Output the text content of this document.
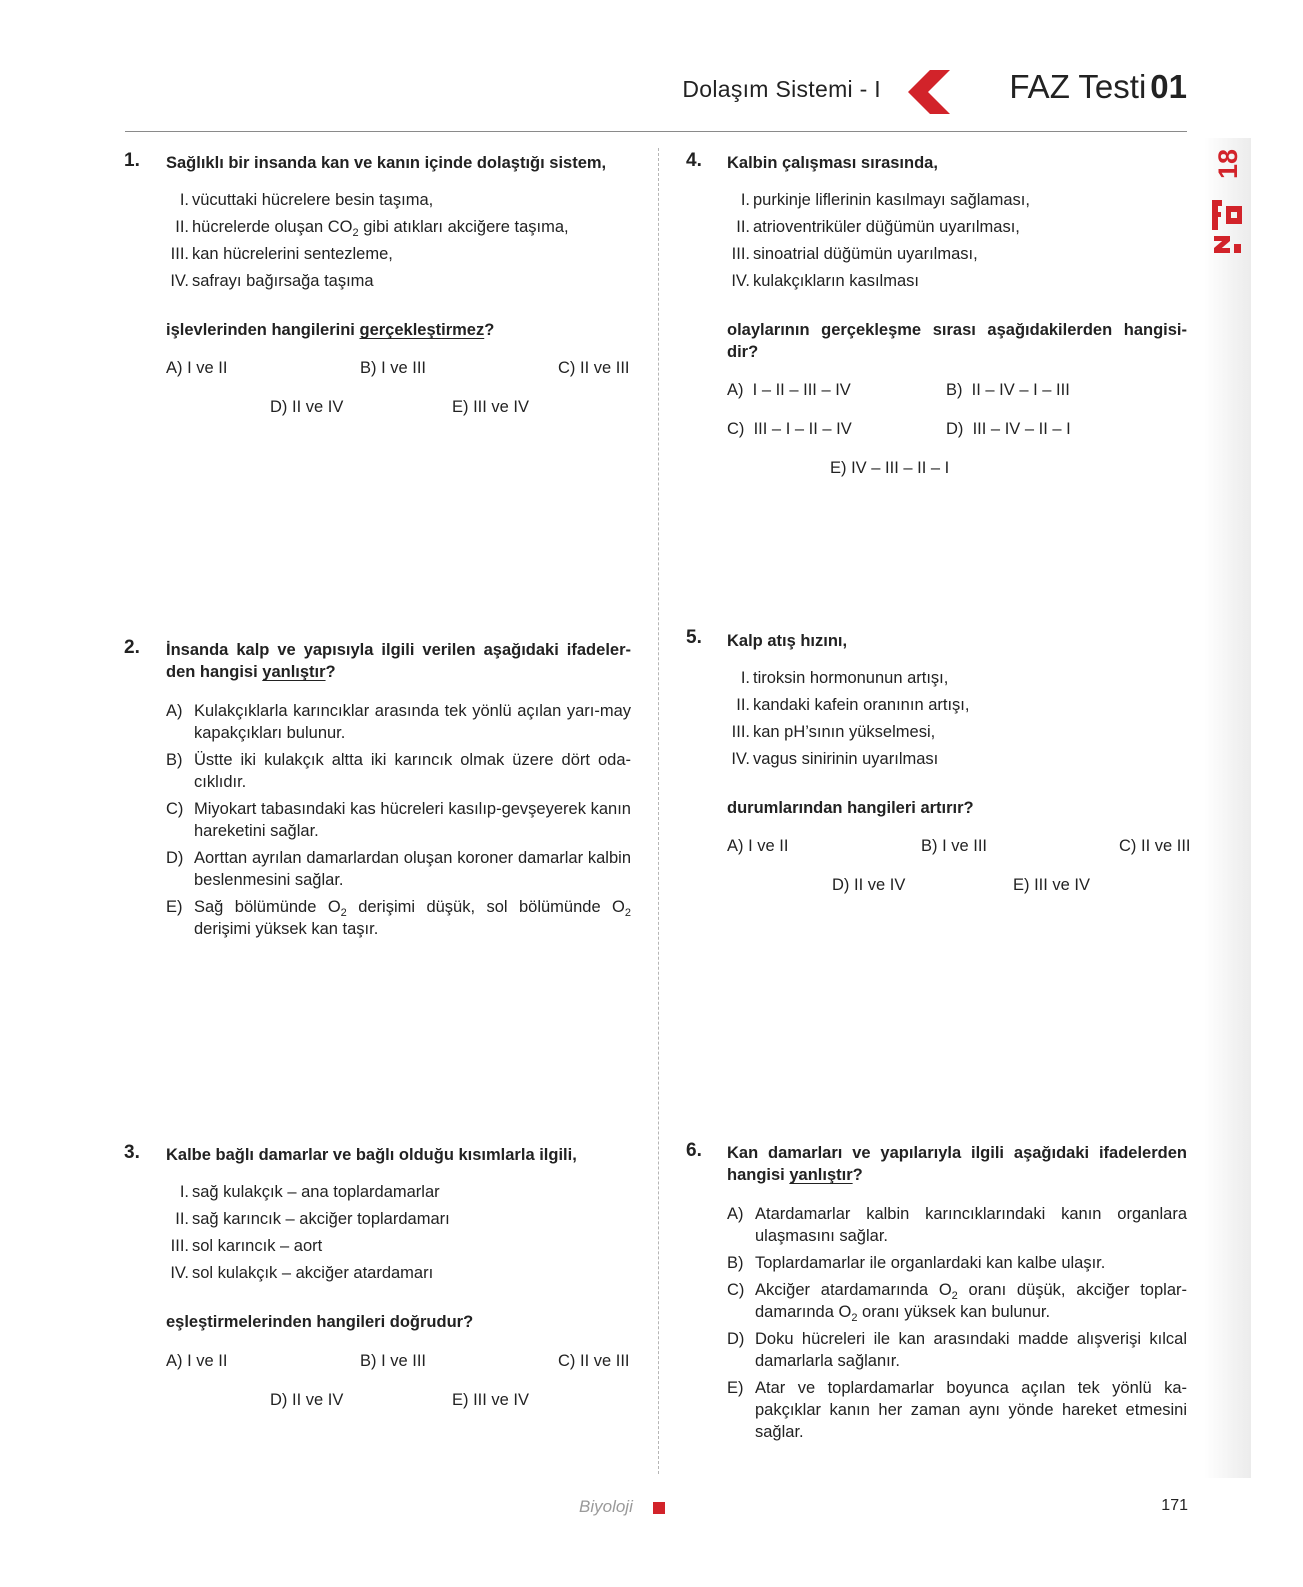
Dolaşım Sistemi - I	FAZ Testi 01
18
1. Sağlıklı bir insanda kan ve kanın içinde dolaştığı sistem,
I. vücuttaki hücrelere besin taşıma,
II. hücrelerde oluşan $CO_2$ gibi atıkları akciğere taşıma,
III. kan hücrelerini sentezleme,
IV. safrayı bağırsağa taşıma
işlevlerinden hangilerini gerçekleştirmez?
A) I ve II	B) I ve III	C) II ve III
D) II ve IV	E) III ve IV
2. İnsanda kalp ve yapısıyla ilgili verilen aşağıdaki ifadeler-den hangisi yanlıştır?
A) Kulakçıklarla karıncıklar arasında tek yönlü açılan yarı-may kapakçıkları bulunur.
B) Üstte iki kulakçık altta iki karıncık olmak üzere dört oda-cıklıdır.
C) Miyokart tabasındaki kas hücreleri kasılıp-gevşeyerek kanın hareketini sağlar.
D) Aorttan ayrılan damarlardan oluşan koroner damarlar kalbin beslenmesini sağlar.
E) Sağ bölümünde $O_2$ derişimi düşük, sol bölümünde $O_2$ derişimi yüksek kan taşır.
3. Kalbe bağlı damarlar ve bağlı olduğu kısımlarla ilgili,
I. sağ kulakçık – ana toplardamarlar
II. sağ karıncık – akciğer toplardamarı
III. sol karıncık – aort
IV. sol kulakçık – akciğer atardamarı
eşleştirmelerinden hangileri doğrudur?
A) I ve II	B) I ve III	C) II ve III
D) II ve IV	E) III ve IV
4. Kalbin çalışması sırasında,
I. purkinje liflerinin kasılmayı sağlaması,
II. atrioventriküler düğümün uyarılması,
III. sinoatrial düğümün uyarılması,
IV. kulakçıkların kasılması
olaylarının gerçekleşme sırası aşağıdakilerden hangisi-dir?
A) I – II – III – IV	B) II – IV – I – III
C) III – I – II – IV	D) III – IV – II – I
E) IV – III – II – I
5. Kalp atış hızını,
I. tiroksin hormonunun artışı,
II. kandaki kafein oranının artışı,
III. kan pH’sının yükselmesi,
IV. vagus sinirinin uyarılması
durumlarından hangileri artırır?
A) I ve II	B) I ve III	C) II ve III
D) II ve IV	E) III ve IV
6. Kan damarları ve yapılarıyla ilgili aşağıdaki ifadelerden hangisi yanlıştır?
A) Atardamarlar kalbin karıncıklarındaki kanın organlara ulaşmasını sağlar.
B) Toplardamarlar ile organlardaki kan kalbe ulaşır.
C) Akciğer atardamarında $O_2$ oranı düşük, akciğer toplar-damarında $O_2$ oranı yüksek kan bulunur.
D) Doku hücreleri ile kan arasındaki madde alışverişi kılcal damarlarla sağlanır.
E) Atar ve toplardamarlar boyunca açılan tek yönlü ka-pakçıklar kanın her zaman aynı yönde hareket etmesini sağlar.
Biyoloji	171
